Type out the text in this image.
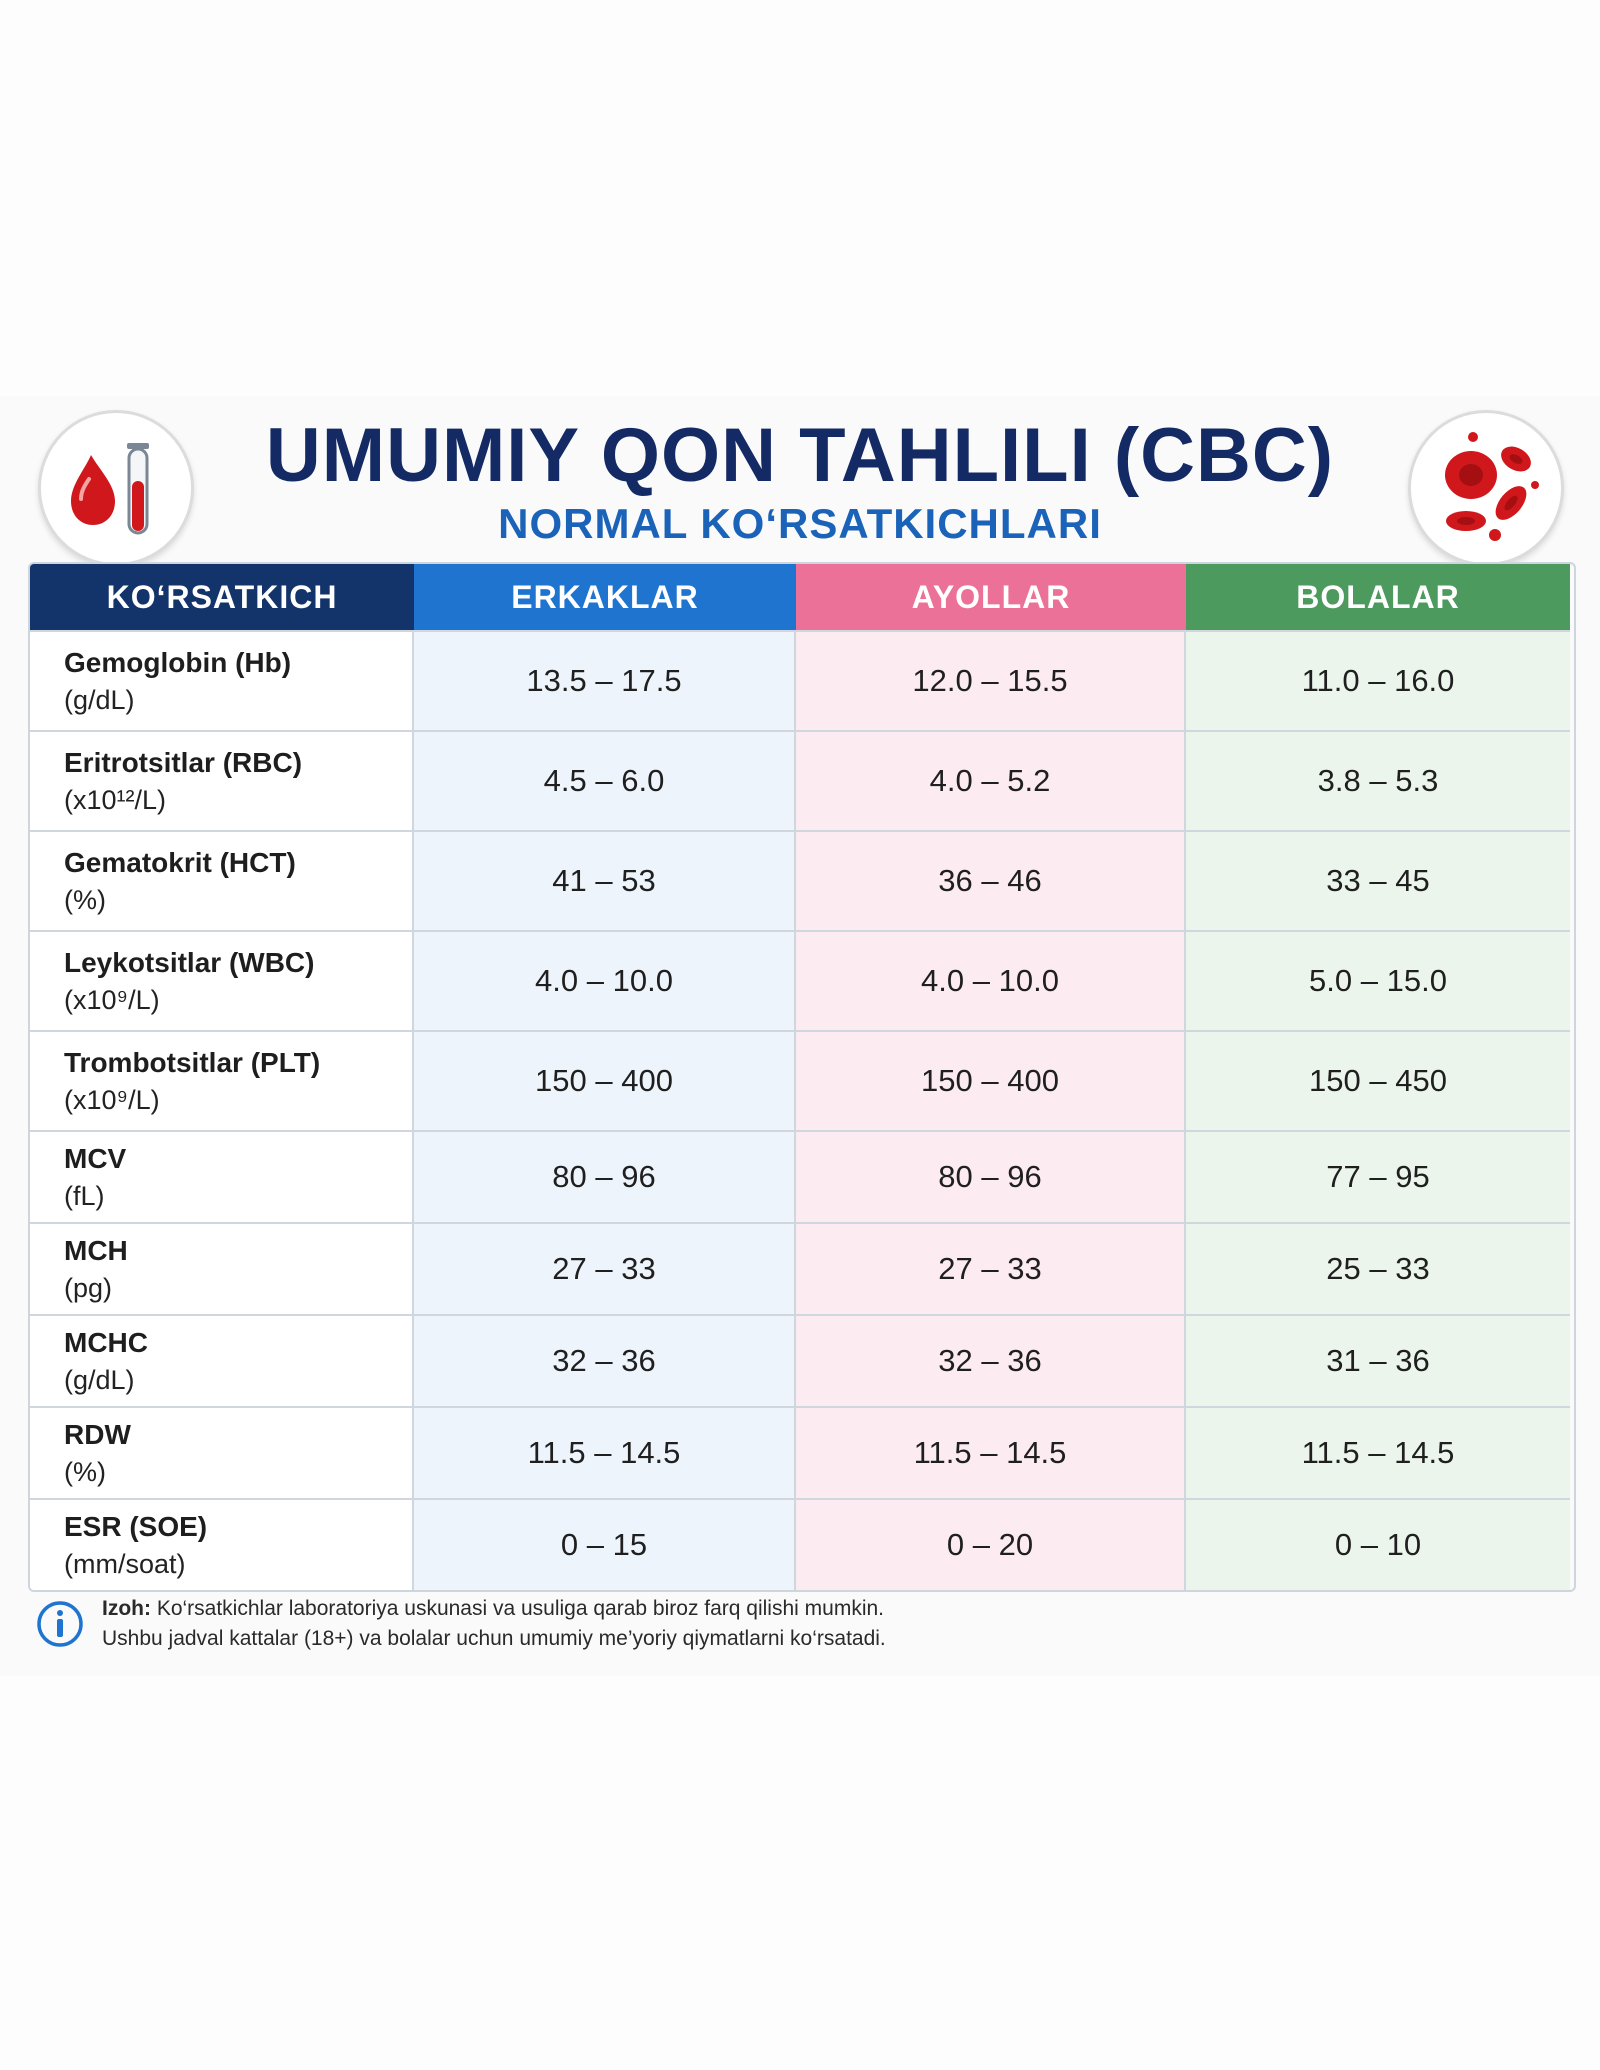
UMUMIY QON TAHLILI (CBC)
NORMAL KO‘RSATKICHLARI
KO‘RSATKICH	ERKAKLAR	AYOLLAR	BOLALAR
Gemoglobin (Hb)
(g/dL)
13.5 – 17.5	12.0 – 15.5	11.0 – 16.0
Eritrotsitlar (RBC)
(x10¹²/L)
4.5 – 6.0	4.0 – 5.2	3.8 – 5.3
Gematokrit (HCT)
(%)
41 – 53	36 – 46	33 – 45
Leykotsitlar (WBC)
(x10⁹/L)
4.0 – 10.0	4.0 – 10.0	5.0 – 15.0
Trombotsitlar (PLT)
(x10⁹/L)
150 – 400	150 – 400	150 – 450
MCV
(fL)
80 – 96	80 – 96	77 – 95
MCH
(pg)
27 – 33	27 – 33	25 – 33
MCHC
(g/dL)
32 – 36	32 – 36	31 – 36
RDW
(%)
11.5 – 14.5	11.5 – 14.5	11.5 – 14.5
ESR (SOE)
(mm/soat)
0 – 15	0 – 20	0 – 10
Izoh: Ko‘rsatkichlar laboratoriya uskunasi va usuliga qarab biroz farq qilishi mumkin.
Ushbu jadval kattalar (18+) va bolalar uchun umumiy me’yoriy qiymatlarni ko‘rsatadi.
